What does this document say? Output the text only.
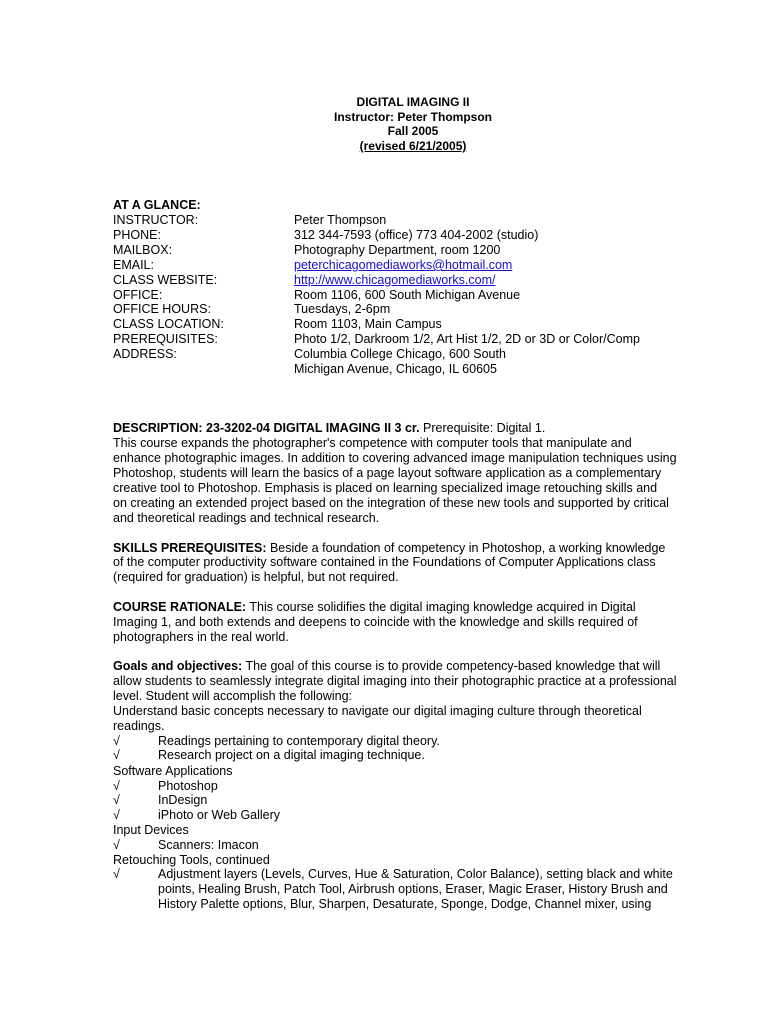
DIGITAL IMAGING II
Instructor: Peter Thompson
Fall 2005
(revised 6/21/2005)
AT A GLANCE:
INSTRUCTOR:	Peter Thompson
PHONE:	312 344-7593 (office) 773 404-2002 (studio)
MAILBOX:	Photography Department, room 1200
EMAIL:	peterchicagomediaworks@hotmail.com
CLASS WEBSITE:	http://www.chicagomediaworks.com/
OFFICE:	Room 1106, 600 South Michigan Avenue
OFFICE HOURS:	Tuesdays, 2-6pm
CLASS LOCATION:	Room 1103, Main Campus
PREREQUISITES:	Photo 1/2, Darkroom 1/2, Art Hist 1/2, 2D or 3D or Color/Comp
ADDRESS:	Columbia College Chicago, 600 South
Michigan Avenue, Chicago, IL 60605
DESCRIPTION: 23-3202-04 DIGITAL IMAGING II 3 cr. Prerequisite: Digital 1.
This course expands the photographer's competence with computer tools that manipulate and
enhance photographic images. In addition to covering advanced image manipulation techniques using
Photoshop, students will learn the basics of a page layout software application as a complementary
creative tool to Photoshop. Emphasis is placed on learning specialized image retouching skills and
on creating an extended project based on the integration of these new tools and supported by critical
and theoretical readings and technical research.
SKILLS PREREQUISITES: Beside a foundation of competency in Photoshop, a working knowledge
of the computer productivity software contained in the Foundations of Computer Applications class
(required for graduation) is helpful, but not required.
COURSE RATIONALE: This course solidifies the digital imaging knowledge acquired in Digital
Imaging 1, and both extends and deepens to coincide with the knowledge and skills required of
photographers in the real world.
Goals and objectives: The goal of this course is to provide competency-based knowledge that will
allow students to seamlessly integrate digital imaging into their photographic practice at a professional
level. Student will accomplish the following:
Understand basic concepts necessary to navigate our digital imaging culture through theoretical
readings.
√	Readings pertaining to contemporary digital theory.
√	Research project on a digital imaging technique.
Software Applications
√	Photoshop
√	InDesign
√	iPhoto or Web Gallery
Input Devices
√	Scanners: Imacon
Retouching Tools, continued
√	Adjustment layers (Levels, Curves, Hue & Saturation, Color Balance), setting black and white
points, Healing Brush, Patch Tool, Airbrush options, Eraser, Magic Eraser, History Brush and
History Palette options, Blur, Sharpen, Desaturate, Sponge, Dodge, Channel mixer, using
